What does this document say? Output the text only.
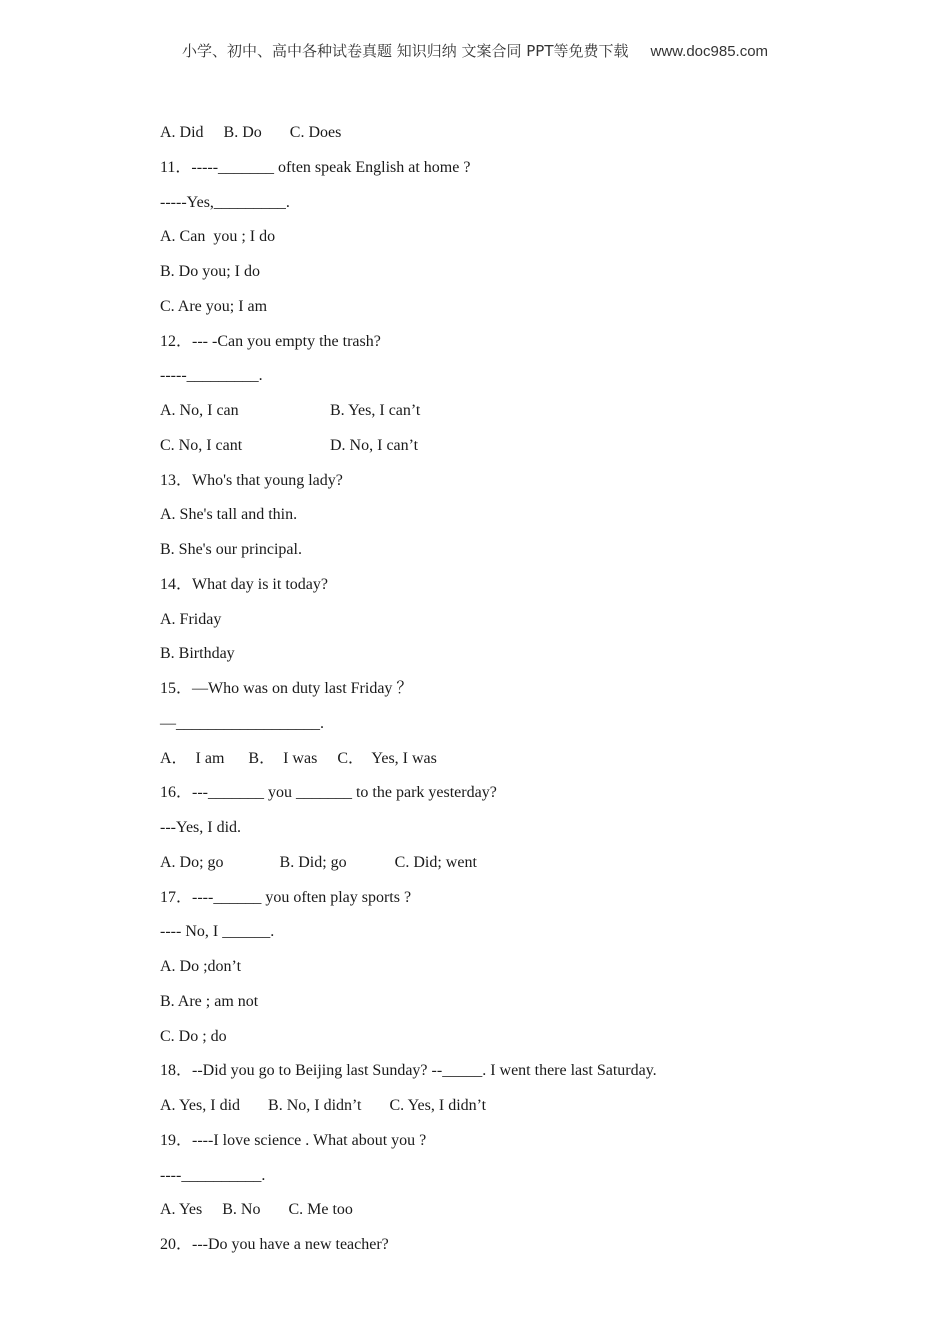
小学、初中、高中各种试卷真题 知识归纳 文案合同 PPT等免费下载 www.doc985.com
A. Did     B. Do       C. Does
11．-----_______ often speak English at home ?
-----Yes,_________.
A. Can  you ; I do
B. Do you; I do
C. Are you; I am
12．--- -Can you empty the trash?
-----_________.
A. No, I can	B. Yes, I can’t
C. No, I cant	D. No, I can’t
13．Who's that young lady?
A. She's tall and thin.
B. She's our principal.
14．What day is it today?
A. Friday
B. Birthday
15．—Who was on duty last Friday ？
—__________________.
A．  I am      B．  I was     C．  Yes, I was
16．---_______ you _______ to the park yesterday?
---Yes, I did.
A. Do; go              B. Did; go            C. Did; went
17．----______ you often play sports ?
---- No, I ______.
A. Do ;don’t
B. Are ; am not
C. Do ; do
18．--Did you go to Beijing last Sunday? --_____. I went there last Saturday.
A. Yes, I did       B. No, I didn’t       C. Yes, I didn’t
19．----I love science . What about you ?
----__________.
A. Yes     B. No       C. Me too
20．---Do you have a new teacher?
